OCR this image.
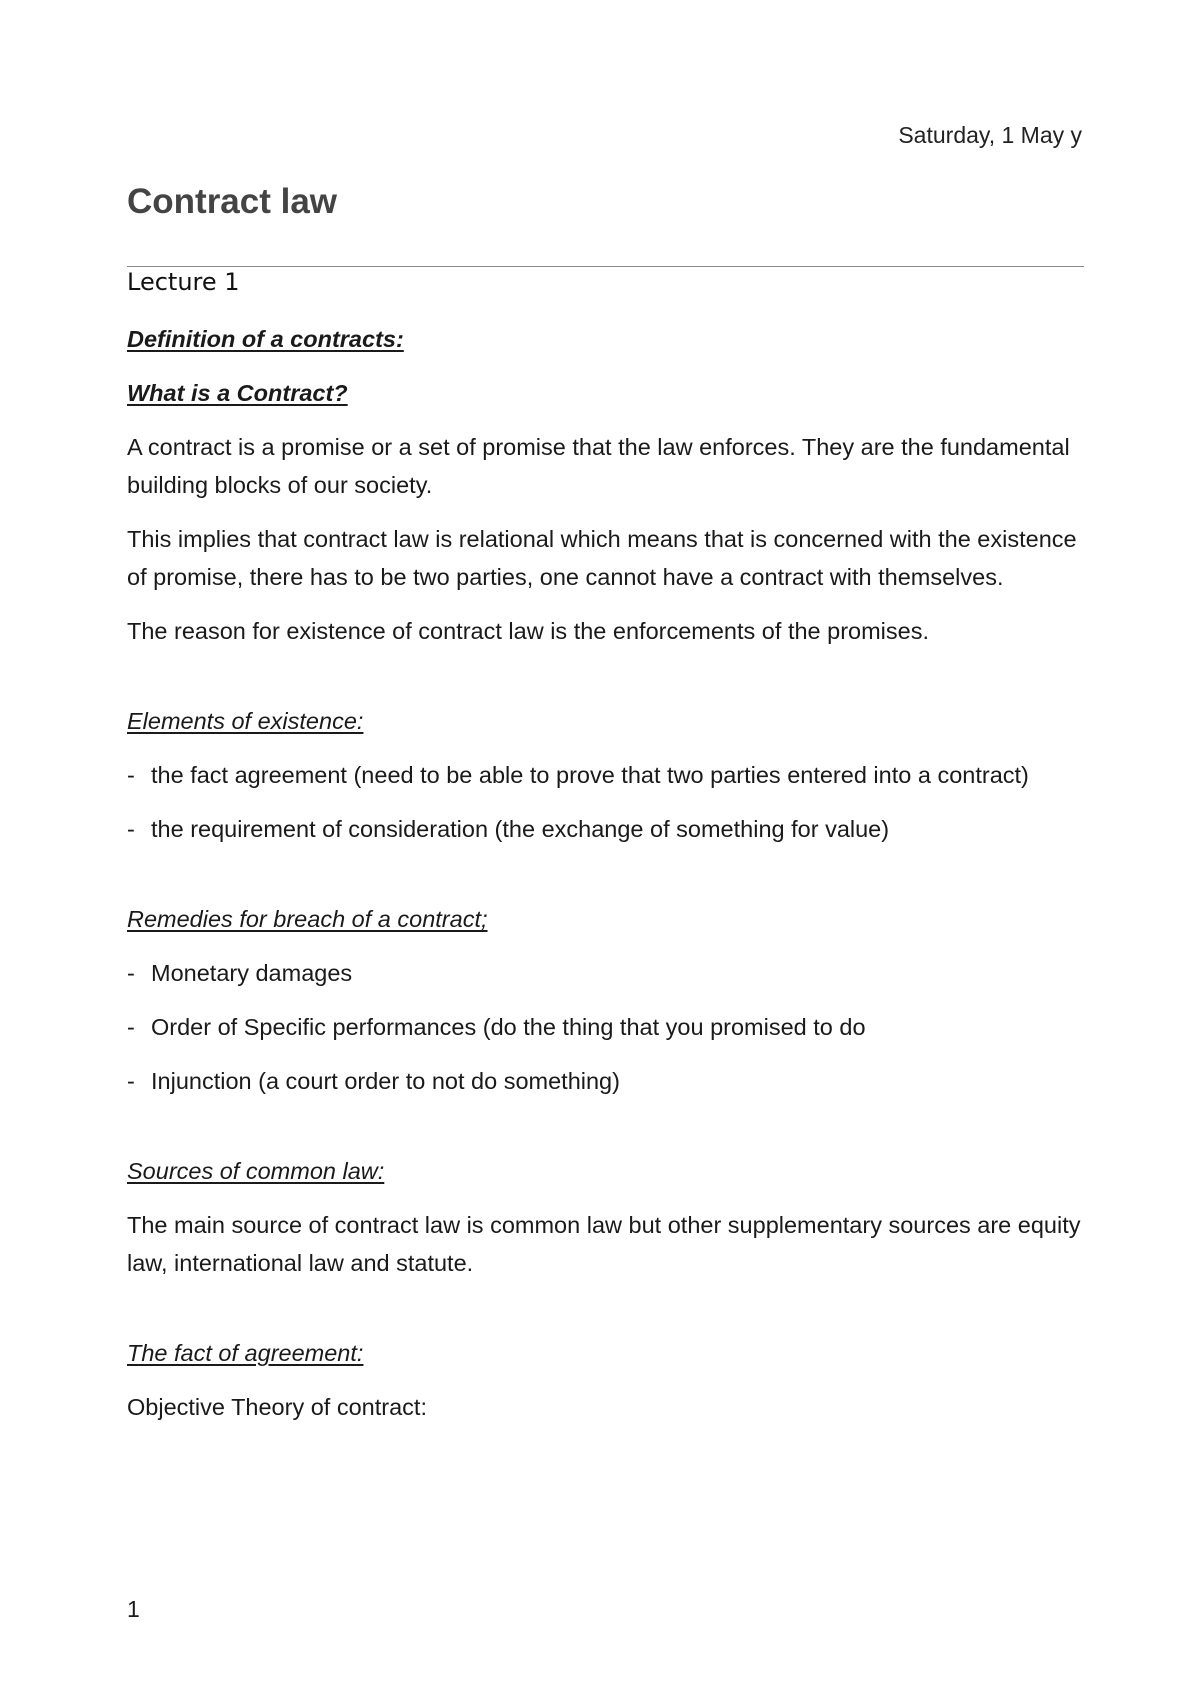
Saturday, 1 May y
Contract law
Lecture 1

Definition of a contracts:

What is a Contract?

A contract is a promise or a set of promise that the law enforces. They are the fundamental building blocks of our society.

This implies that contract law is relational which means that is concerned with the existence of promise, there has to be two parties, one cannot have a contract with themselves.

The reason for existence of contract law is the enforcements of the promises.

Elements of existence:

- the fact agreement (need to be able to prove that two parties entered into a contract)
- the requirement of consideration (the exchange of something for value)

Remedies for breach of a contract;

- Monetary damages
- Order of Specific performances (do the thing that you promised to do
- Injunction (a court order to not do something)

Sources of common law:

The main source of contract law is common law but other supplementary sources are equity law, international law and statute.

The fact of agreement:

Objective Theory of contract:

1
